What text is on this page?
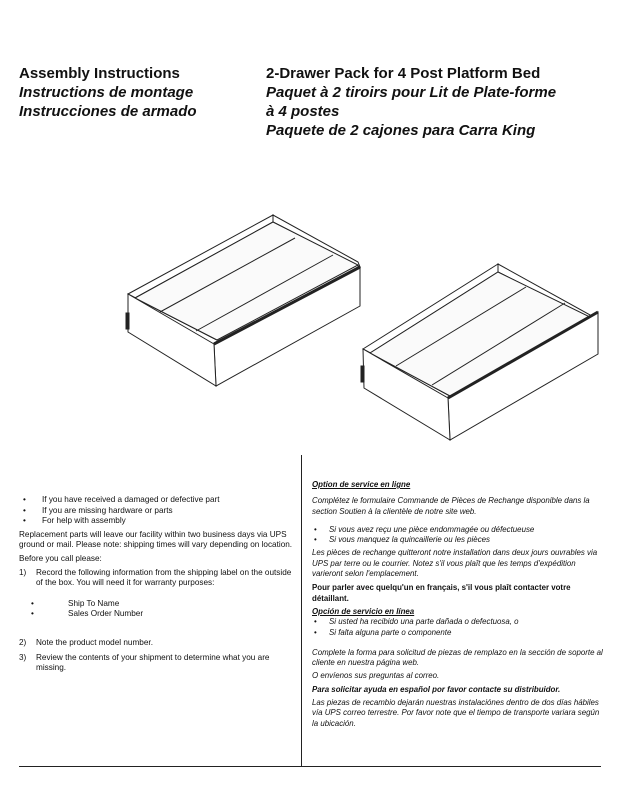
Assembly Instructions
Instructions de montage
Instrucciones de armado
2-Drawer Pack for 4 Post Platform Bed
Paquet à 2 tiroirs pour Lit de Plate-forme
à 4 postes
Paquete de 2 cajones para Carra King
•	If you have received a damaged or defective part
•	If you are missing hardware or parts
•	For help with assembly

Replacement parts will leave our facility within two business days via UPS ground or mail. Please note: shipping times will vary depending on location.

Before you call please:

1)	Record the following information from the shipping label on the outside of the box. You will need it for warranty purposes:
•	Ship To Name
•	Sales Order Number
2)	Note the product model number.
3)	Review the contents of your shipment to determine what you are missing.

Option de service en ligne

Complétez le formulaire Commande de Pièces de Rechange disponible dans la section Soutien à la clientèle de notre site web.

•	Si vous avez reçu une pièce endommagée ou défectueuse
•	Si vous manquez la quincaillerie ou les pièces

Les pièces de rechange quitteront notre installation dans deux jours ouvrables via UPS par terre ou le courrier. Notez s'il vous plaît que les temps d'expédition varieront selon l'emplacement.

Pour parler avec quelqu'un en français, s'il vous plaît contacter votre détaillant.

Opción de servicio en línea

•	Si usted ha recibido una parte dañada o defectuosa, o
•	Si falta alguna parte o componente

Complete la forma para solicitud de piezas de remplazo en la sección de soporte al cliente en nuestra página web.

O envíenos sus preguntas al correo.

Para solicitar ayuda en español por favor contacte su distribuidor.

Las piezas de recambio dejarán nuestras instalaciónes dentro de dos días hábiles vía UPS correo terrestre. Por favor note que el tiempo de transporte variara según la ubicación.
